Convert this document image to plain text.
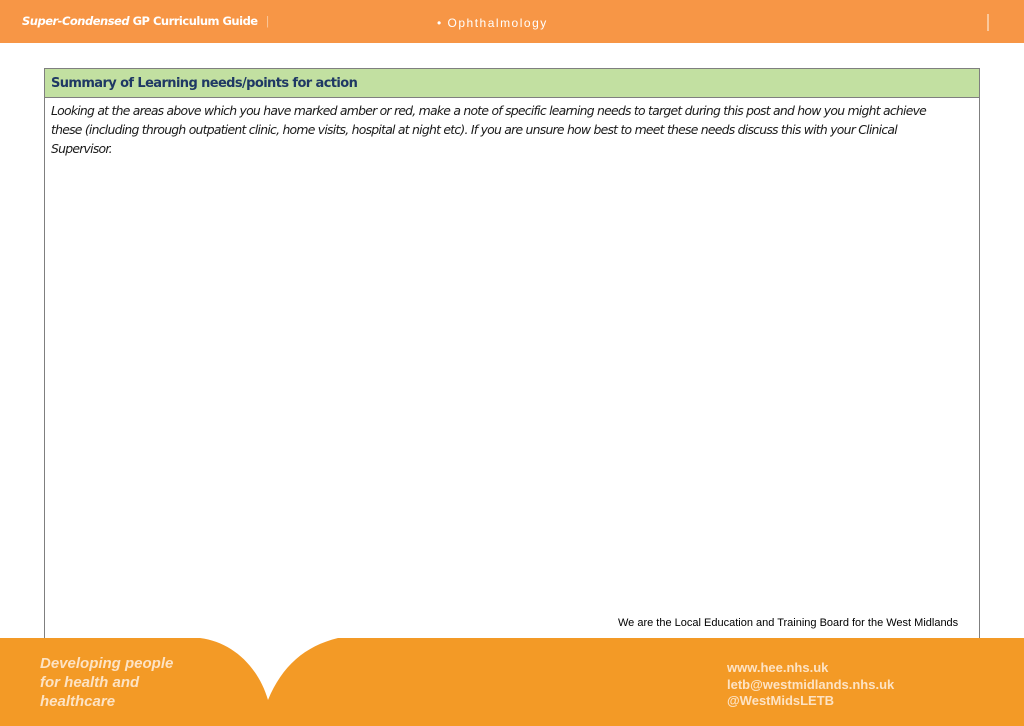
Super-Condensed GP Curriculum Guide |	• Ophthalmology
Summary of Learning needs/points for action
Looking at the areas above which you have marked amber or red, make a note of specific learning needs to target during this post and how you might achieve these (including through outpatient clinic, home visits, hospital at night etc). If you are unsure how best to meet these needs discuss this with your Clinical Supervisor.
We are the Local Education and Training Board for the West Midlands
Developing people
for health and
healthcare
www.hee.nhs.uk
letb@westmidlands.nhs.uk
@WestMidsLETB
